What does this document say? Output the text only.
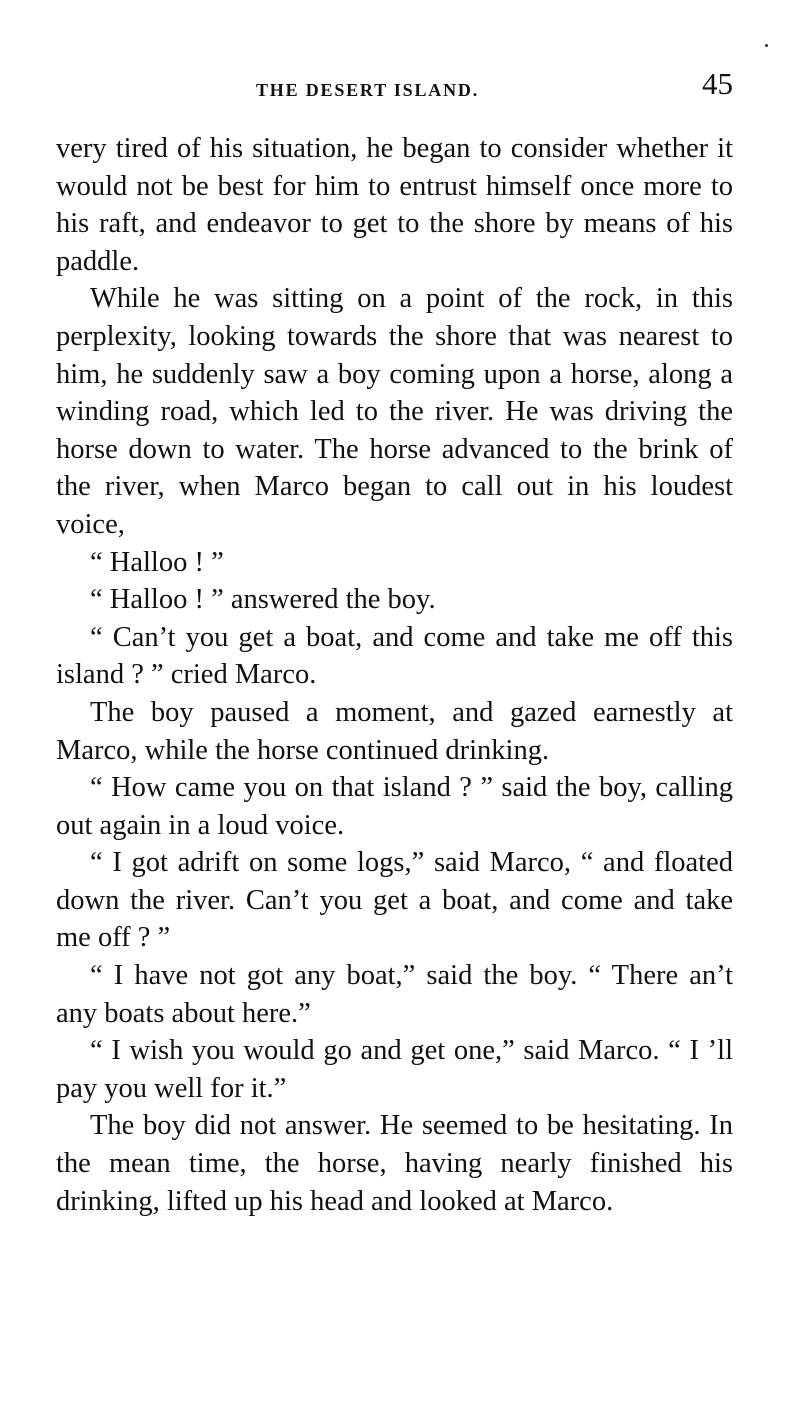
THE DESERT ISLAND.	45

very tired of his situation, he began to consider whether it would not be best for him to entrust himself once more to his raft, and endeavor to get to the shore by means of his paddle.

While he was sitting on a point of the rock, in this perplexity, looking towards the shore that was nearest to him, he suddenly saw a boy coming upon a horse, along a winding road, which led to the river. He was driving the horse down to water. The horse advanced to the brink of the river, when Marco began to call out in his loudest voice,

“ Halloo ! ”

“ Halloo ! ” answered the boy.

“ Can’t you get a boat, and come and take me off this island ? ” cried Marco.

The boy paused a moment, and gazed earnestly at Marco, while the horse continued drinking.

“ How came you on that island ? ” said the boy, calling out again in a loud voice.

“ I got adrift on some logs,” said Marco, “ and floated down the river. Can’t you get a boat, and come and take me off ? ”

“ I have not got any boat,” said the boy. “ There an’t any boats about here.”

“ I wish you would go and get one,” said Marco. “ I ’ll pay you well for it.”

The boy did not answer. He seemed to be hesitating. In the mean time, the horse, having nearly finished his drinking, lifted up his head and looked at Marco.
